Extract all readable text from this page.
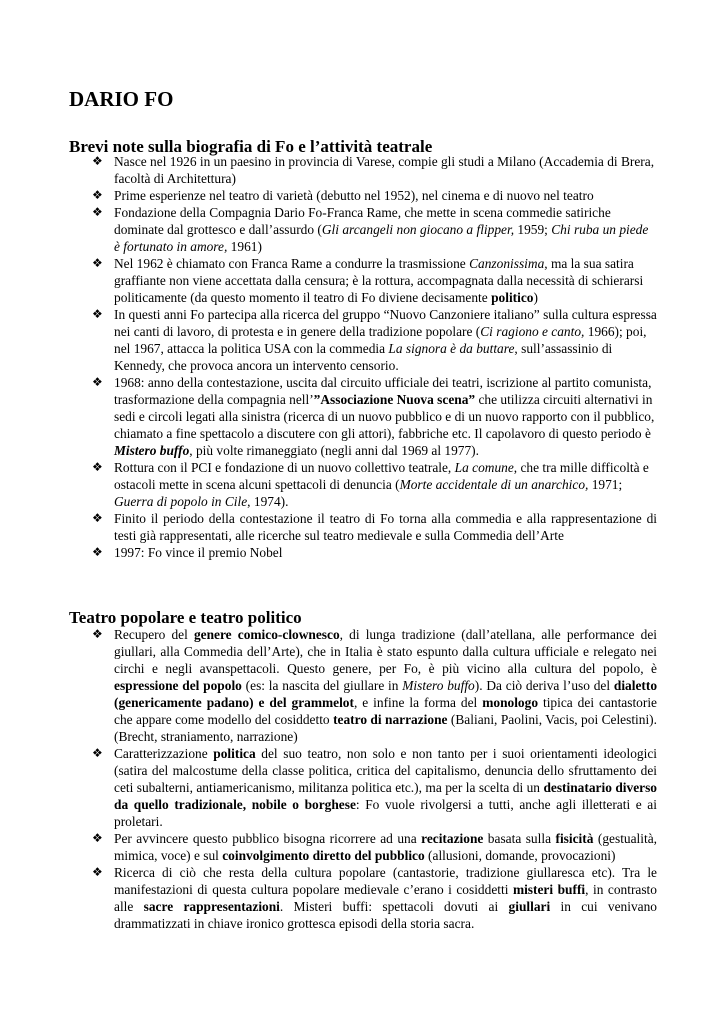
DARIO FO
Brevi note sulla biografia di Fo e l’attività teatrale
❖ Nasce nel 1926 in un paesino in provincia di Varese, compie gli studi a Milano (Accademia di Brera, facoltà di Architettura)
❖ Prime esperienze nel teatro di varietà (debutto nel 1952), nel cinema e di nuovo nel teatro
❖ Fondazione della Compagnia Dario Fo-Franca Rame, che mette in scena commedie satiriche dominate dal grottesco e dall’assurdo (Gli arcangeli non giocano a flipper, 1959; Chi ruba un piede è fortunato in amore, 1961)
❖ Nel 1962 è chiamato con Franca Rame a condurre la trasmissione Canzonissima, ma la sua satira graffiante non viene accettata dalla censura; è la rottura, accompagnata dalla necessità di schierarsi politicamente (da questo momento il teatro di Fo diviene decisamente politico)
❖ In questi anni Fo partecipa alla ricerca del gruppo “Nuovo Canzoniere italiano” sulla cultura espressa nei canti di lavoro, di protesta e in genere della tradizione popolare (Ci ragiono e canto, 1966); poi, nel 1967, attacca la politica USA con la commedia La signora è da buttare, sull’assassinio di Kennedy, che provoca ancora un intervento censorio.
❖ 1968: anno della contestazione, uscita dal circuito ufficiale dei teatri, iscrizione al partito comunista, trasformazione della compagnia nell’”Associazione Nuova scena” che utilizza circuiti alternativi in sedi e circoli legati alla sinistra (ricerca di un nuovo pubblico e di un nuovo rapporto con il pubblico, chiamato a fine spettacolo a discutere con gli attori), fabbriche etc. Il capolavoro di questo periodo è Mistero buffo, più volte rimaneggiato (negli anni dal 1969 al 1977).
❖ Rottura con il PCI e fondazione di un nuovo collettivo teatrale, La comune, che tra mille difficoltà e ostacoli mette in scena alcuni spettacoli di denuncia (Morte accidentale di un anarchico, 1971; Guerra di popolo in Cile, 1974).
❖ Finito il periodo della contestazione il teatro di Fo torna alla commedia e alla rappresentazione di testi già rappresentati, alle ricerche sul teatro medievale e sulla Commedia dell’Arte
❖ 1997: Fo vince il premio Nobel
Teatro popolare e teatro politico
❖ Recupero del genere comico-clownesco, di lunga tradizione (dall’atellana, alle performance dei giullari, alla Commedia dell’Arte), che in Italia è stato espunto dalla cultura ufficiale e relegato nei circhi e negli avanspettacoli. Questo genere, per Fo, è più vicino alla cultura del popolo, è espressione del popolo (es: la nascita del giullare in Mistero buffo). Da ciò deriva l’uso del dialetto (genericamente padano) e del grammelot, e infine la forma del monologo tipica dei cantastorie che appare come modello del cosiddetto teatro di narrazione (Baliani, Paolini, Vacis, poi Celestini). (Brecht, straniamento, narrazione)
❖ Caratterizzazione politica del suo teatro, non solo e non tanto per i suoi orientamenti ideologici (satira del malcostume della classe politica, critica del capitalismo, denuncia dello sfruttamento dei ceti subalterni, antiamericanismo, militanza politica etc.), ma per la scelta di un destinatario diverso da quello tradizionale, nobile o borghese: Fo vuole rivolgersi a tutti, anche agli illetterati e ai proletari.
❖ Per avvincere questo pubblico bisogna ricorrere ad una recitazione basata sulla fisicità (gestualità, mimica, voce) e sul coinvolgimento diretto del pubblico (allusioni, domande, provocazioni)
❖ Ricerca di ciò che resta della cultura popolare (cantastorie, tradizione giullaresca etc). Tra le manifestazioni di questa cultura popolare medievale c’erano i cosiddetti misteri buffi, in contrasto alle sacre rappresentazioni. Misteri buffi: spettacoli dovuti ai giullari in cui venivano drammatizzati in chiave ironico grottesca episodi della storia sacra.
